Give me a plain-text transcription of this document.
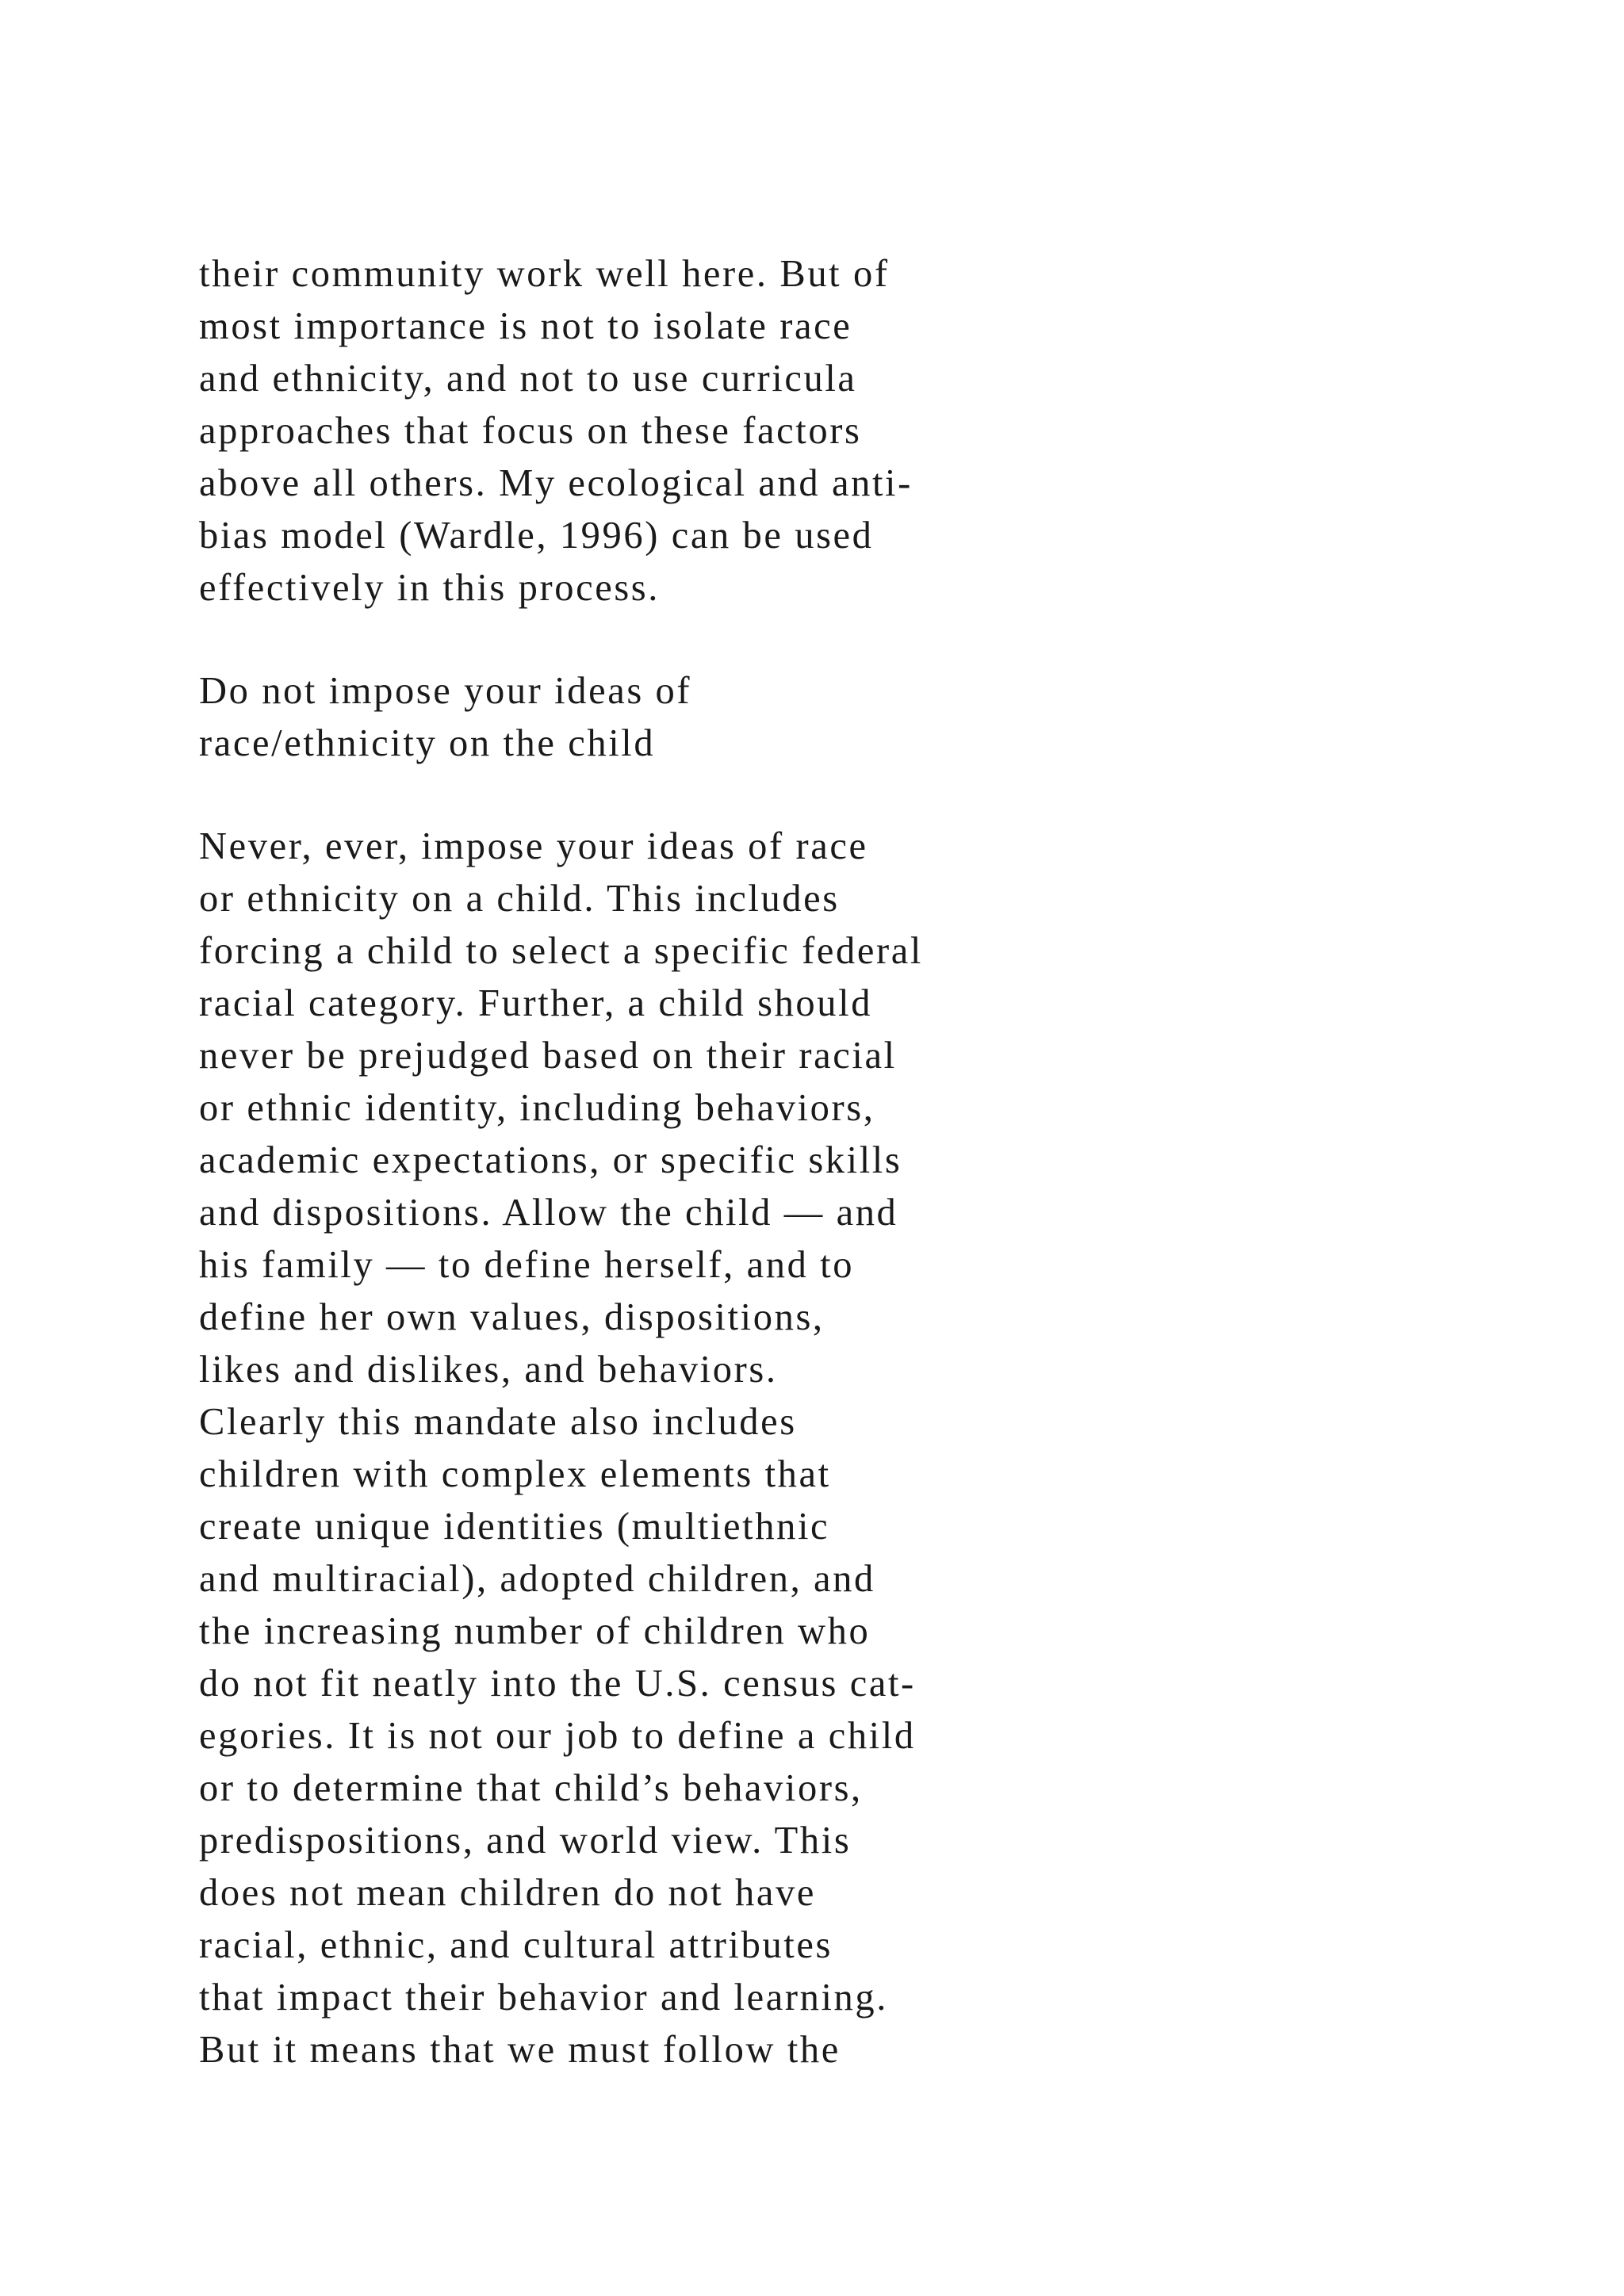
their community work well here. But of
most importance is not to isolate race
and ethnicity, and not to use curricula
approaches that focus on these factors
above all others. My ecological and anti-
bias model (Wardle, 1996) can be used
effectively in this process.
Do not impose your ideas of
race/ethnicity on the child
Never, ever, impose your ideas of race
or ethnicity on a child. This includes
forcing a child to select a specific federal
racial category. Further, a child should
never be prejudged based on their racial
or ethnic identity, including behaviors,
academic expectations, or specific skills
and dispositions. Allow the child — and
his family — to define herself, and to
define her own values, dispositions,
likes and dislikes, and behaviors.
Clearly this mandate also includes
children with complex elements that
create unique identities (multiethnic
and multiracial), adopted children, and
the increasing number of children who
do not fit neatly into the U.S. census cat-
egories. It is not our job to define a child
or to determine that child’s behaviors,
predispositions, and world view. This
does not mean children do not have
racial, ethnic, and cultural attributes
that impact their behavior and learning.
But it means that we must follow the
